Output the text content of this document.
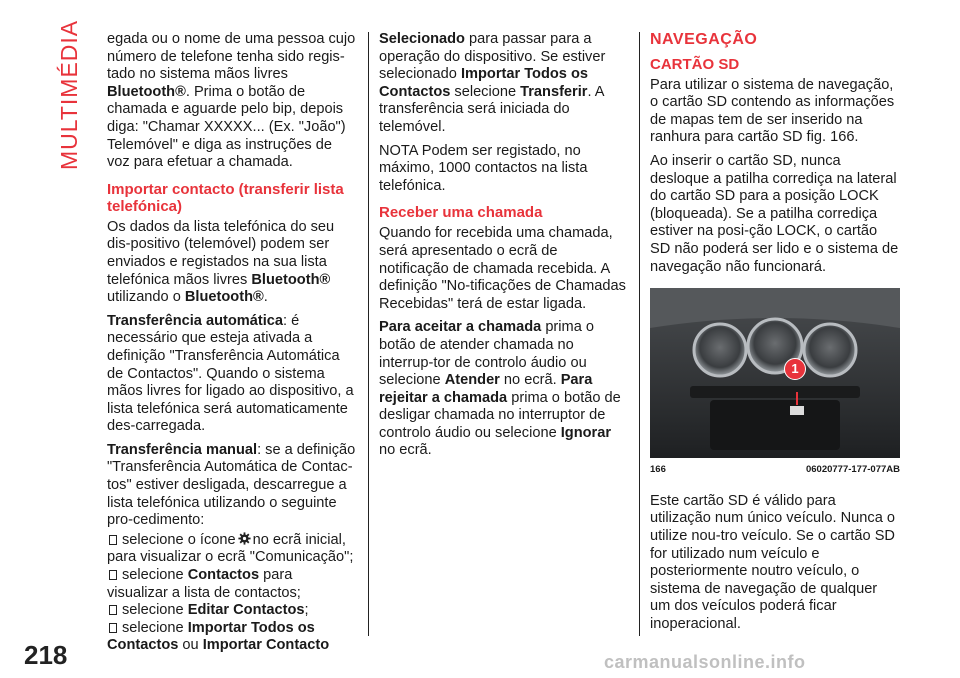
MULTIMÉDIA egada ou o nome de uma pessoa cujo número de telefone tenha sido regis-tado no sistema mãos livres Bluetooth®. Prima o botão de chamada e aguarde pelo bip, depois diga: "Chamar XXXXX... (Ex. "João") Telemóvel" e diga as instruções de voz para efetuar a chamada.

Importar contacto (transferir lista telefónica)

Os dados da lista telefónica do seu dis-positivo (telemóvel) podem ser enviados e registados na sua lista telefónica mãos livres Bluetooth® utilizando o Bluetooth®.

Transferência automática: é necessário que esteja ativada a definição "Transferência Automática de Contactos". Quando o sistema mãos livres for ligado ao dispositivo, a lista telefónica será automaticamente des-carregada.

Transferência manual: se a definição "Transferência Automática de Contac-tos" estiver desligada, descarregue a lista telefónica utilizando o seguinte pro-cedimento:

selecione o ícone no ecrã inicial, para visualizar o ecrã "Comunicação";
selecione Contactos para visualizar a lista de contactos;
selecione Editar Contactos;
selecione Importar Todos os Contactos ou Importar Contacto

Selecionado para passar para a operação do dispositivo. Se estiver selecionado Importar Todos os Contactos selecione Transferir. A transferência será iniciada do telemóvel.

NOTA Podem ser registado, no máximo, 1000 contactos na lista telefónica.

Receber uma chamada

Quando for recebida uma chamada, será apresentado o ecrã de notificação de chamada recebida. A definição "No-tificações de Chamadas Recebidas" terá de estar ligada.

Para aceitar a chamada prima o botão de atender chamada no interrup-tor de controlo áudio ou selecione Atender no ecrã. Para rejeitar a chamada prima o botão de desligar chamada no interruptor de controlo áudio ou selecione Ignorar no ecrã.

NAVEGAÇÃO
CARTÃO SD

Para utilizar o sistema de navegação, o cartão SD contendo as informações de mapas tem de ser inserido na ranhura para cartão SD fig. 166.

Ao inserir o cartão SD, nunca desloque a patilha corrediça na lateral do cartão SD para a posição LOCK (bloqueada). Se a patilha corrediça estiver na posi-ção LOCK, o cartão SD não poderá ser lido e o sistema de navegação não funcionará.

1
166	06020777-177-077AB

Este cartão SD é válido para utilização num único veículo. Nunca o utilize nou-tro veículo. Se o cartão SD for utilizado num veículo e posteriormente noutro veículo, o sistema de navegação de qualquer um dos veículos poderá ficar inoperacional.

218	carmanualsonline.info
